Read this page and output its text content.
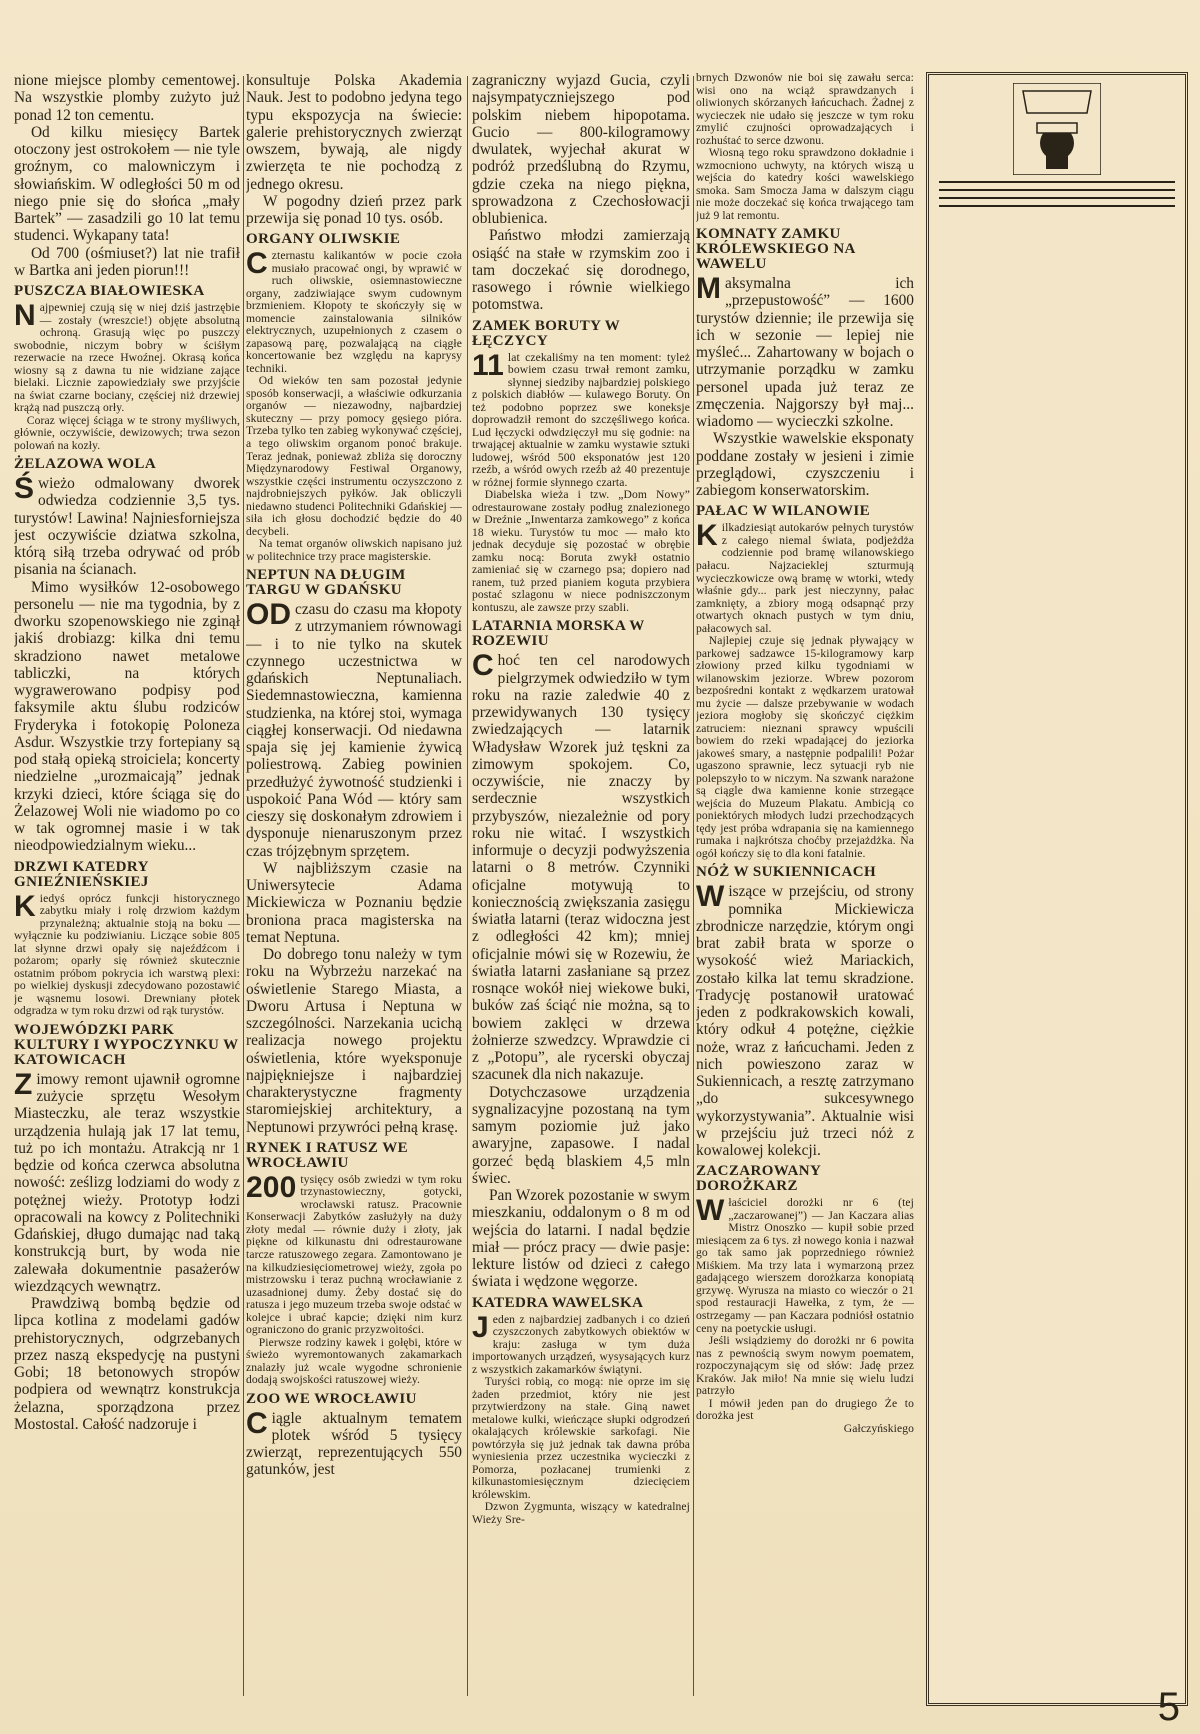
nione miejsce plomby cementowej. Na wszystkie plomby zużyto już ponad 12 ton cementu.

Od kilku miesięcy Bartek otoczony jest ostrokołem — nie tyle groźnym, co malowniczym i słowiańskim. W odległości 50 m od niego pnie się do słońca „mały Bartek” — zasadzili go 10 lat temu studenci. Wykapany tata!

Od 700 (ośmiuset?) lat nie trafił w Bartka ani jeden piorun!!!

PUSZCZA BIAŁOWIESKA

Najpewniej czują się w niej dziś jastrzębie — zostały (wreszcie!) objęte absolutną ochroną. Grasują więc po puszczy swobodnie, niczym bobry w ściśłym rezerwacie na rzece Hwoźnej. Okrasą końca wiosny są z dawna tu nie widziane zające bielaki. Licznie zapowiedziały swe przyjście na świat czarne bociany, częściej niż drzewiej krążą nad puszczą orły.

Coraz więcej ściąga w te strony myśliwych, głównie, oczywiście, dewizowych; trwa sezon polowań na kozły.

ŻELAZOWA WOLA

Świeżo odmalowany dworek odwiedza codziennie 3,5 tys. turystów! Lawina! Najniesforniejsza jest oczywiście dziatwa szkolna, którą siłą trzeba odrywać od prób pisania na ścianach.

Mimo wysiłków 12-osobowego personelu — nie ma tygodnia, by z dworku szopenowskiego nie zginął jakiś drobiazg: kilka dni temu skradziono nawet metalowe tabliczki, na których wygrawerowano podpisy pod faksymile aktu ślubu rodziców Fryderyka i fotokopię Poloneza Asdur. Wszystkie trzy fortepiany są pod stałą opieką stroiciela; koncerty niedzielne „urozmaicają” jednak krzyki dzieci, które ściąga się do Żelazowej Woli nie wiadomo po co w tak ogromnej masie i w tak nieodpowiedzialnym wieku...

DRZWI KATEDRY GNIEŹNIEŃSKIEJ

Kiedyś oprócz funkcji historycznego zabytku miały i rolę drzwiom każdym przynależną; aktualnie stoją na boku — wyłącznie ku podziwianiu. Liczące sobie 805 lat słynne drzwi opały się najeźdźcom i pożarom; oparły się również skutecznie ostatnim próbom pokrycia ich warstwą plexi: po wielkiej dyskusji zdecydowano pozostawić je wąsnemu losowi. Drewniany płotek odgradza w tym roku drzwi od rąk turystów.

WOJEWÓDZKI PARK KULTURY I WYPOCZYNKU W KATOWICACH

Zimowy remont ujawnił ogromne zużycie sprzętu Wesołym Miasteczku, ale teraz wszystkie urządzenia hulają jak 17 lat temu, tuż po ich montażu. Atrakcją nr 1 będzie od końca czerwca absolutna nowość: ześlizg lodziami do wody z potężnej wieży. Prototyp łodzi opracowali na kowcy z Politechniki Gdańskiej, długo dumając nad taką konstrukcją burt, by woda nie zalewała dokumentnie pasażerów wiezdzących wewnątrz.

Prawdziwą bombą będzie od lipca kotlina z modelami gadów prehistorycznych, odgrzebanych przez naszą ekspedycję na pustyni Gobi; 18 betonowych stropów podpiera od wewnątrz konstrukcja żelazna, sporządzona przez Mostostal. Całość nadzoruje i

konsultuje Polska Akademia Nauk. Jest to podobno jedyna tego typu ekspozycja na świecie: galerie prehistorycznych zwierząt owszem, bywają, ale nigdy zwierzęta te nie pochodzą z jednego okresu.

W pogodny dzień przez park przewija się ponad 10 tys. osób.

ORGANY OLIWSKIE

Czternastu kalikantów w pocie czoła musiało pracować ongi, by wprawić w ruch oliwskie, osiemnastowieczne organy, zadziwiające swym cudownym brzmieniem. Kłopoty te skończyły się w momencie zainstalowania silników elektrycznych, uzupełnionych z czasem o zapasową parę, pozwalającą na ciągłe koncertowanie bez względu na kaprysy techniki.

Od wieków ten sam pozostał jedynie sposób konserwacji, a właściwie odkurzania organów — niezawodny, najbardziej skuteczny — przy pomocy gęsiego pióra. Trzeba tylko ten zabieg wykonywać częściej, a tego oliwskim organom ponoć brakuje. Teraz jednak, ponieważ zbliża się doroczny Międzynarodowy Festiwal Organowy, wszystkie części instrumentu oczyszczono z najdrobniejszych pyłków. Jak obliczyli niedawno studenci Politechniki Gdańskiej — siła ich głosu dochodzić będzie do 40 decybeli.

Na temat organów oliwskich napisano już w politechnice trzy prace magisterskie.

NEPTUN NA DŁUGIM TARGU W GDAŃSKU

OD czasu do czasu ma kłopoty z utrzymaniem równowagi — i to nie tylko na skutek czynnego uczestnictwa w gdańskich Neptunaliach. Siedemnastowieczna, kamienna studzienka, na której stoi, wymaga ciągłej konserwacji. Od niedawna spaja się jej kamienie żywicą poliestrową. Zabieg powinien przedłużyć żywotność studzienki i uspokoić Pana Wód — który sam cieszy się doskonałym zdrowiem i dysponuje nienaruszonym przez czas trójzębnym sprzętem.

W najbliższym czasie na Uniwersytecie Adama Mickiewicza w Poznaniu będzie broniona praca magisterska na temat Neptuna.

Do dobrego tonu należy w tym roku na Wybrzeżu narzekać na oświetlenie Starego Miasta, a Dworu Artusa i Neptuna w szczególności. Narzekania ucichą realizacja nowego projektu oświetlenia, które wyeksponuje najpiękniejsze i najbardziej charakterystyczne fragmenty staromiejskiej architektury, a Neptunowi przywróci pełną krasę.

RYNEK I RATUSZ WE WROCŁAWIU

200 tysięcy osób zwiedzi w tym roku trzynastowieczny, gotycki, wrocławski ratusz. Pracownie Konserwacji Zabytków zasłużyły na duży złoty medal — równie duży i złoty, jak piękne od kilkunastu dni odrestaurowane tarcze ratuszowego zegara. Zamontowano je na kilkudziesięciometrowej wieży, zgoła po mistrzowsku i teraz puchną wrocławianie z uzasadnionej dumy. Żeby dostać się do ratusza i jego muzeum trzeba swoje odstać w kolejce i ubrać kapcie; dzięki nim kurz ograniczono do granic przyzwoitości.

Pierwsze rodziny kawek i gołębi, które w świeżo wyremontowanych zakamarkach znalazły już wcale wygodne schronienie dodają swojskości ratuszowej wieży.

ZOO WE WROCŁAWIU

Ciągle aktualnym tematem plotek wśród 5 tysięcy zwierząt, reprezentujących 550 gatunków, jest

zagraniczny wyjazd Gucia, czyli najsympatyczniejszego pod polskim niebem hipopotama. Gucio — 800-kilogramowy dwulatek, wyjechał akurat w podróż przedślubną do Rzymu, gdzie czeka na niego piękna, sprowadzona z Czechosłowacji oblubienica.

Państwo młodzi zamierzają osiąść na stałe w rzymskim zoo i tam doczekać się dorodnego, rasowego i równie wielkiego potomstwa.

ZAMEK BORUTY W ŁĘCZYCY

11 lat czekaliśmy na ten moment: tyleż bowiem czasu trwał remont zamku, słynnej siedziby najbardziej polskiego z polskich diabłów — kulawego Boruty. On też podobno poprzez swe koneksje doprowadził remont do szczęśliwego końca. Lud łęczycki odwdzięczył mu się godnie: na trwającej aktualnie w zamku wystawie sztuki ludowej, wśród 500 eksponatów jest 120 rzeźb, a wśród owych rzeźb aż 40 prezentuje w różnej formie słynnego czarta.

Diabelska wieża i tzw. „Dom Nowy” odrestaurowane zostały podług znalezionego w Dreźnie „Inwentarza zamkowego” z końca 18 wieku. Turystów tu moc — mało kto jednak decyduje się pozostać w obrębie zamku nocą: Boruta zwykł ostatnio zamieniać się w czarnego psa; dopiero nad ranem, tuż przed pianiem koguta przybiera postać szlagonu w niece podniszczonym kontuszu, ale zawsze przy szabli.

LATARNIA MORSKA W ROZEWIU

Choć ten cel narodowych pielgrzymek odwiedziło w tym roku na razie zaledwie 40 z przewidywanych 130 tysięcy zwiedzających — latarnik Władysław Wzorek już tęskni za zimowym spokojem. Co, oczywiście, nie znaczy by serdecznie wszystkich przybyszów, niezależnie od pory roku nie witać. I wszystkich informuje o decyzji podwyższenia latarni o 8 metrów. Czynniki oficjalne motywują to koniecznością zwiększania zasięgu światła latarni (teraz widoczna jest z odległości 42 km); mniej oficjalnie mówi się w Rozewiu, że światła latarni zasłaniane są przez rosnące wokół niej wiekowe buki, buków zaś ściąć nie można, są to bowiem zaklęci w drzewa żołnierze szwedzcy. Wprawdzie ci z „Potopu”, ale rycerski obyczaj szacunek dla nich nakazuje.

Dotychczasowe urządzenia sygnalizacyjne pozostaną na tym samym poziomie już jako awaryjne, zapasowe. I nadal gorzeć będą blaskiem 4,5 mln świec.

Pan Wzorek pozostanie w swym mieszkaniu, oddalonym o 8 m od wejścia do latarni. I nadal będzie miał — prócz pracy — dwie pasje: lekture listów od dzieci z całego świata i wędzone węgorze.

KATEDRA WAWELSKA

Jeden z najbardziej zadbanych i co dzień czyszczonych zabytkowych obiektów w kraju: zasługa w tym duża importowanych urządzeń, wysysających kurz z wszystkich zakamarków świątyni.

Turyści robią, co mogą: nie oprze im się żaden przedmiot, który nie jest przytwierdzony na stałe. Giną nawet metalowe kulki, wieńczące słupki odgrodzeń okalających królewskie sarkofagi. Nie powtórzyła się już jednak tak dawna próba wyniesienia przez uczestnika wycieczki z Pomorza, pozłacanej trumienki z kilkunastomiesięcznym dziecięciem królewskim.

Dzwon Zygmunta, wiszący w katedralnej Wieży Sre-

brnych Dzwonów nie boi się zawału serca: wisi ono na wciąż sprawdzanych i oliwionych skórzanych łańcuchach. Żadnej z wycieczek nie udało się jeszcze w tym roku zmylić czujności oprowadzających i rozhuśtać to serce dzwonu.

Wiosną tego roku sprawdzono dokładnie i wzmocniono uchwyty, na których wiszą u wejścia do katedry kości wawelskiego smoka. Sam Smocza Jama w dalszym ciągu nie może doczekać się końca trwającego tam już 9 lat remontu.

KOMNATY ZAMKU KRÓLEWSKIEGO NA WAWELU

Maksymalna ich „przepustowość” — 1600 turystów dziennie; ile przewija się ich w sezonie — lepiej nie myśleć... Zahartowany w bojach o utrzymanie porządku w zamku personel upada już teraz ze zmęczenia. Najgorszy był maj... wiadomo — wycieczki szkolne.

Wszystkie wawelskie eksponaty poddane zostały w jesieni i zimie przeglądowi, czyszczeniu i zabiegom konserwatorskim.

PAŁAC W WILANOWIE

Kilkadziesiąt autokarów pełnych turystów z całego niemal świata, podjeżdża codziennie pod bramę wilanowskiego pałacu. Najzacieklej szturmują wycieczkowicze ową bramę w wtorki, wtedy właśnie gdy... park jest nieczynny, pałac zamknięty, a zbiory mogą odsapnąć przy otwartych oknach pustych w tym dniu, pałacowych sal.

Najlepiej czuje się jednak pływający w parkowej sadzawce 15-kilogramowy karp złowiony przed kilku tygodniami w wilanowskim jeziorze. Wbrew pozorom bezpośredni kontakt z wędkarzem uratował mu życie — dalsze przebywanie w wodach jeziora mogłoby się skończyć ciężkim zatruciem: nieznani sprawcy wpuścili bowiem do rzeki wpadającej do jeziorka jakoweś smary, a następnie podpalili! Pożar ugaszono sprawnie, lecz sytuacji ryb nie polepszyło to w niczym. Na szwank narażone są ciągle dwa kamienne konie strzegące wejścia do Muzeum Plakatu. Ambicją co poniektórych młodych ludzi przechodzących tędy jest próba wdrapania się na kamiennego rumaka i najkrótsza choćby przejażdżka. Na ogół kończy się to dla koni fatalnie.

NÓŻ W SUKIENNICACH

Wiszące w przejściu, od strony pomnika Mickiewicza zbrodnicze narzędzie, którym ongi brat zabił brata w sporze o wysokość wież Mariackich, zostało kilka lat temu skradzione. Tradycję postanowił uratować jeden z podkrakowskich kowali, który odkuł 4 potężne, ciężkie noże, wraz z łańcuchami. Jeden z nich powieszono zaraz w Sukiennicach, a resztę zatrzymano „do sukcesywnego wykorzystywania”. Aktualnie wisi w przejściu już trzeci nóż z kowalowej kolekcji.

ZACZAROWANY DOROŻKARZ

Właściciel dorożki nr 6 (tej „zaczarowanej”) — Jan Kaczara alias Mistrz Onoszko — kupił sobie przed miesiącem za 6 tys. zł nowego konia i nazwał go tak samo jak poprzedniego również Miśkiem. Ma trzy lata i wymarzoną przez gadającego wierszem dorożkarza konopiatą grzywę. Wyrusza na miasto co wieczór o 21 spod restauracji Hawełka, z tym, że — ostrzegamy — pan Kaczara podniósł ostatnio ceny na poetyckie usługi.

Jeśli wsiądziemy do dorożki nr 6 powita nas z pewnością swym nowym poematem, rozpoczynającym się od słów: Jadę przez Kraków. Jak miło! Na mnie się wielu ludzi patrzyło

I mówił jeden pan do drugiego Że to dorożka jest

Gałczyńskiego

5
